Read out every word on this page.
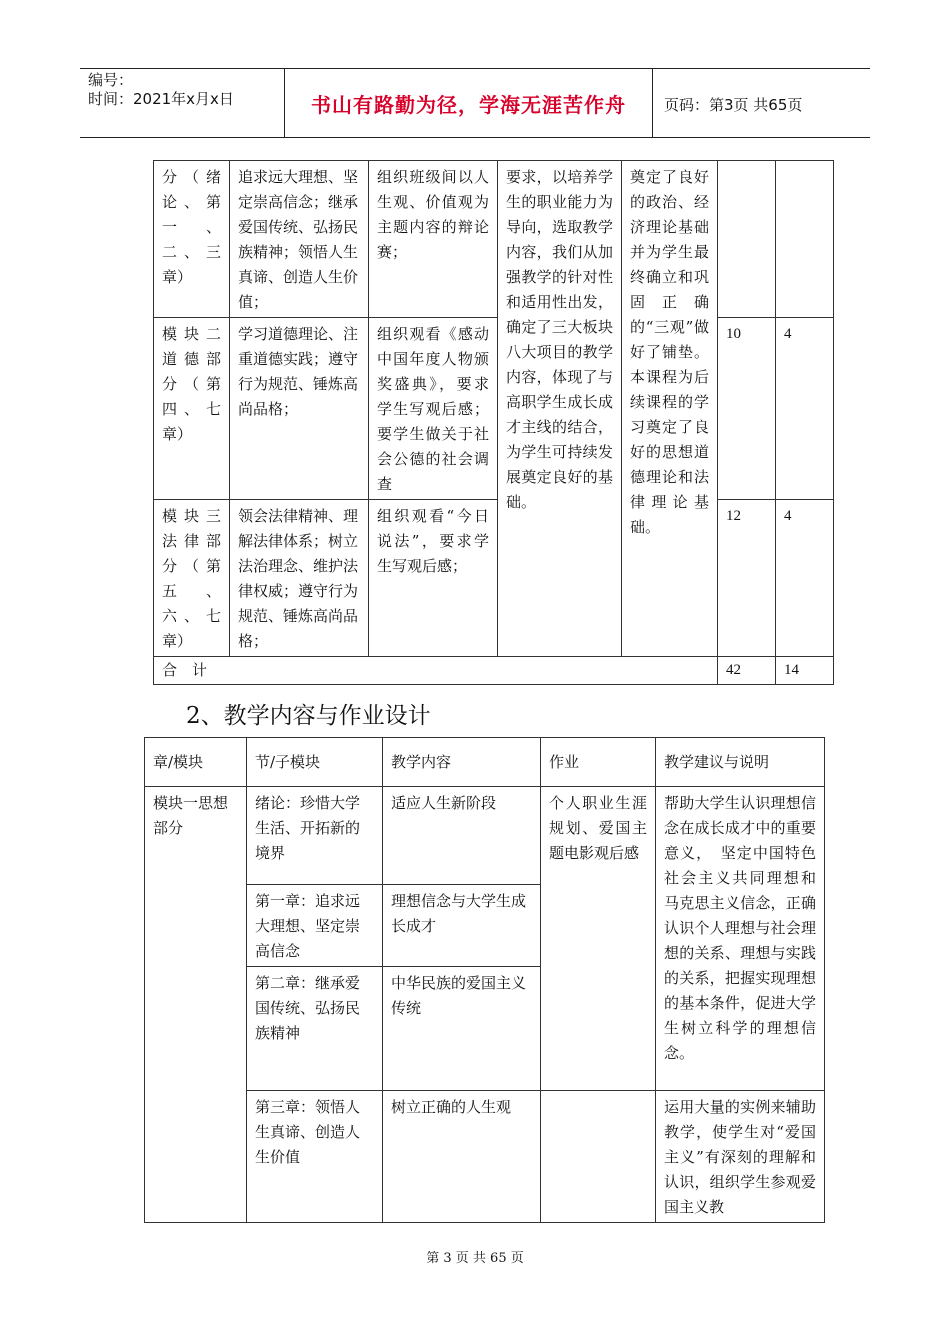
编号：
时间：2021年x月x日	书山有路勤为径，学海无涯苦作舟	页码：第3页 共65页
分（绪论、第一、二、三章）	追求远大理想、坚定崇高信念；继承爱国传统、弘扬民族精神；领悟人生真谛、创造人生价值；	组织班级间以人生观、价值观为主题内容的辩论赛；	要求，以培养学生的职业能力为导向，选取教学内容，我们从加强教学的针对性和适用性出发，确定了三大板块八大项目的教学内容，体现了与高职学生成长成才主线的结合，为学生可持续发展奠定良好的基础。	奠定了良好的政治、经济理论基础并为学生最终确立和巩固正确的“三观”做好了铺垫。本课程为后续课程的学习奠定了良好的思想道德理论和法律理论基础。		
模块二道德部分（第四、七章）	学习道德理论、注重道德实践；遵守行为规范、锤炼高尚品格；	组织观看《感动中国年度人物颁奖盛典》，要求学生写观后感；要学生做关于社会公德的社会调查			10	4
模块三法律部分（第五、六、七章）	领会法律精神、理解法律体系；树立法治理念、维护法律权威；遵守行为规范、锤炼高尚品格；	组织观看“今日说法”，要求学生写观后感；			12	4
合　计					42	14
2、教学内容与作业设计
章/模块	节/子模块	教学内容	作业	教学建议与说明
模块一思想部分	绪论：珍惜大学生活、开拓新的境界	适应人生新阶段	个人职业生涯规划、爱国主题电影观后感	帮助大学生认识理想信念在成长成才中的重要意义，　坚定中国特色社会主义共同理想和　马克思主义信念，正确认识个人理想与社会理想的关系、理想与实践的关系，把握实现理想的基本条件，促进大学生树立科学的理想信念。
	第一章：追求远大理想、坚定崇高信念	理想信念与大学生成长成才		
	第二章：继承爱国传统、弘扬民族精神	中华民族的爱国主义传统		
	第三章：领悟人生真谛、创造人生价值	树立正确的人生观		运用大量的实例来辅助教学，使学生对“爱国主义”有深刻的理解和认识，组织学生参观爱国主义教
第 3 页 共 65 页
